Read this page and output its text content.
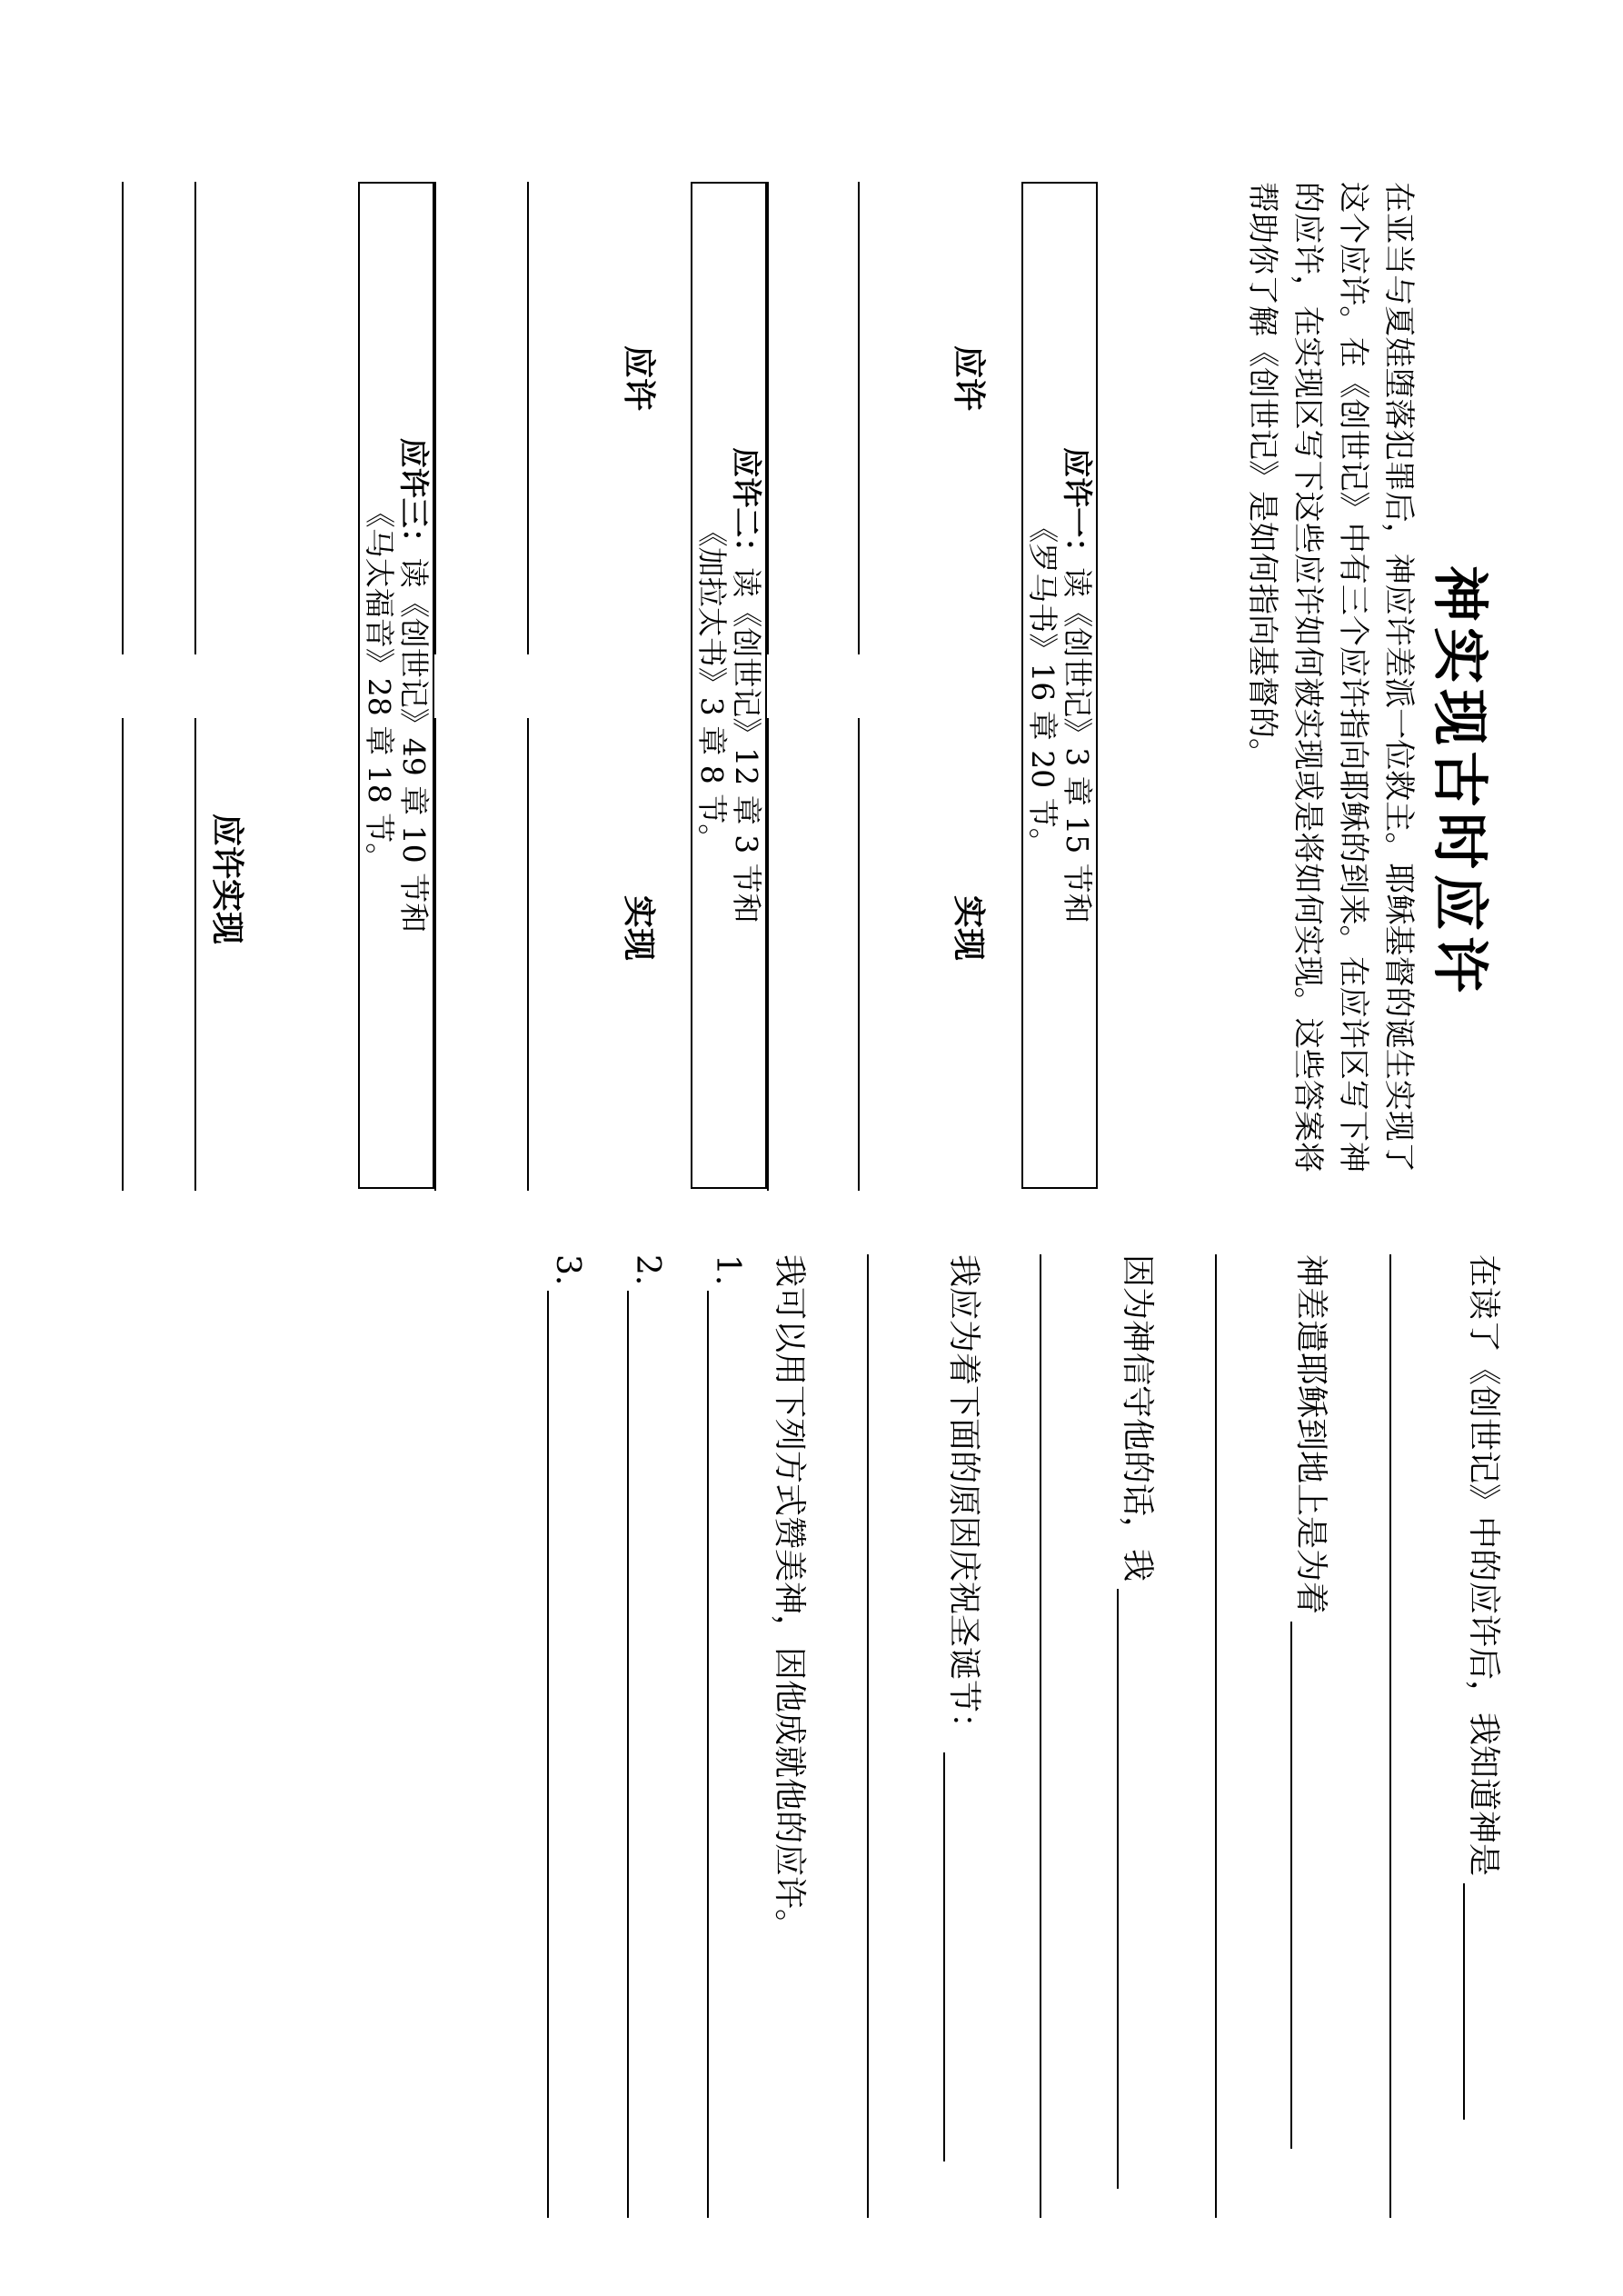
神实现古时应许
在亚当与夏娃堕落犯罪后，神应许差派一位救主。耶稣基督的诞生实现了这个应许。在《创世记》中有三个应许指向耶稣的到来。在应许区写下神的应许，在实现区写下这些应许如何被实现或是将如何实现。这些答案将帮助你了解《创世记》是如何指向基督的。
应许一：读《创世记》3 章 15 节和
《罗马书》16 章 20 节。
应许
实现
应许二：读《创世记》12 章 3 节和
《加拉太书》3 章 8 节。
应许
实现
应许三：读《创世记》49 章 10 节和
《马太福音》28 章 18 节。
应许实现
在读了《创世记》中的应许后，我知道神是
神差遣耶稣到地上是为着
因为神信守他的话，我
我应为着下面的原因庆祝圣诞节：
我可以用下列方式赞美神，因他成就他的应许。
1.
2.
3.
